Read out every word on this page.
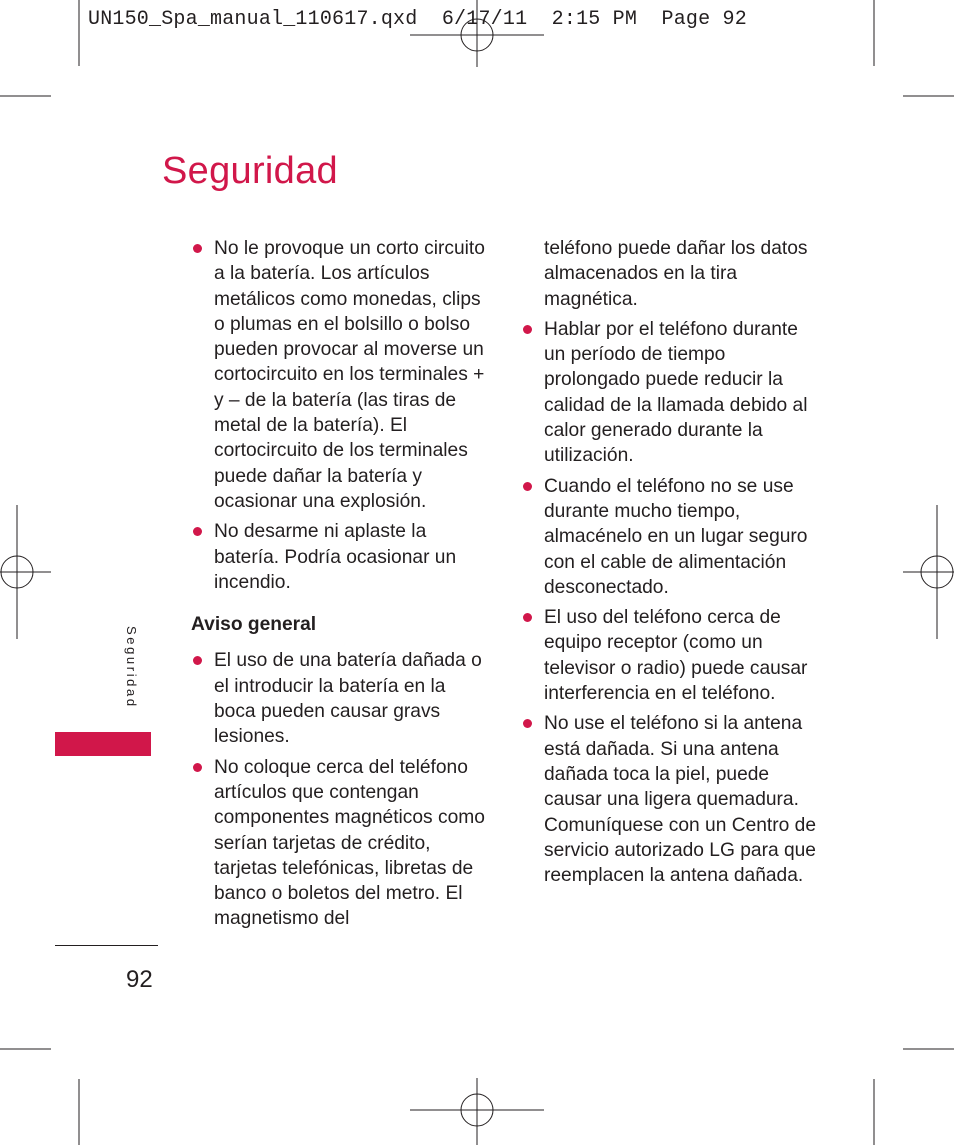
UN150_Spa_manual_110617.qxd  6/17/11  2:15 PM  Page 92
Seguridad
No le provoque un corto circuito a la batería. Los artículos metálicos como monedas, clips o plumas en el bolsillo o bolso pueden provocar al moverse un cortocircuito en los terminales + y – de la batería (las tiras de metal de la batería). El cortocircuito de los terminales puede dañar la batería y ocasionar una explosión.
No desarme ni aplaste la batería. Podría ocasionar un incendio.
Aviso general
El uso de una batería dañada o el introducir la batería en la boca pueden causar gravs lesiones.
No coloque cerca del teléfono artículos que contengan componentes magnéticos como serían tarjetas de crédito, tarjetas telefónicas, libretas de banco o boletos del metro. El magnetismo del

teléfono puede dañar los datos almacenados en la tira magnética.

Hablar por el teléfono durante un período de tiempo prolongado puede reducir la calidad de la llamada debido al calor generado durante la utilización.
Cuando el teléfono no se use durante mucho tiempo, almacénelo en un lugar seguro con el cable de alimentación desconectado.
El uso del teléfono cerca de equipo receptor (como un televisor o radio) puede causar interferencia en el teléfono.
No use el teléfono si la antena está dañada. Si una antena dañada toca la piel, puede causar una ligera quemadura. Comuníquese con un Centro de servicio autorizado LG para que reemplacen la antena dañada.
Seguridad
92
